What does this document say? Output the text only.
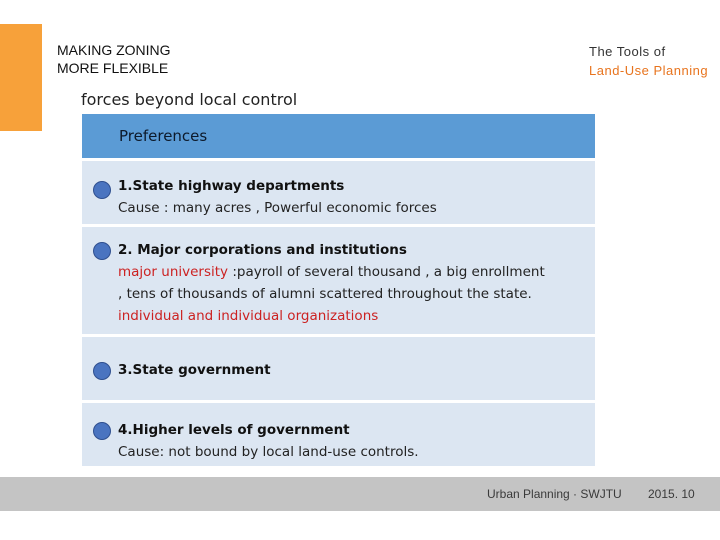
MAKING ZONING
MORE FLEXIBLE
The Tools of
Land-Use Planning
forces beyond local control
Preferences
1.State highway departments
Cause : many acres , Powerful economic forces
2. Major corporations and institutions
major university :payroll of several thousand , a big enrollment
, tens of thousands of alumni scattered throughout the state.
individual and individual organizations
3.State government
4.Higher levels of government
Cause: not bound by local land-use controls.
Urban Planning · SWJTU 2015. 10
